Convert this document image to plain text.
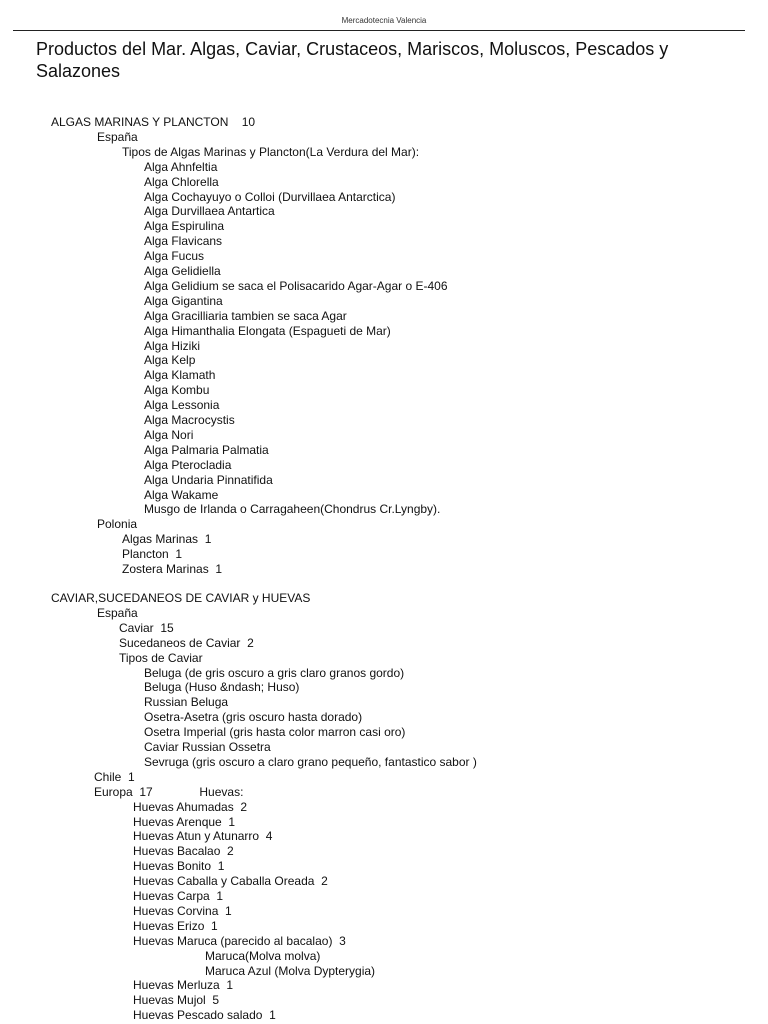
Mercadotecnia Valencia
Productos del Mar. Algas, Caviar, Crustaceos, Mariscos, Moluscos, Pescados y Salazones
ALGAS MARINAS Y PLANCTON    10
España
Tipos de Algas Marinas y Plancton(La Verdura del Mar):
Alga Ahnfeltia
Alga Chlorella
Alga Cochayuyo o Colloi (Durvillaea Antarctica)
Alga Durvillaea Antartica
Alga Espirulina
Alga Flavicans
Alga Fucus
Alga Gelidiella
Alga Gelidium se saca el Polisacarido Agar-Agar o E-406
Alga Gigantina
Alga Gracilliaria tambien se saca Agar
Alga Himanthalia Elongata (Espagueti de Mar)
Alga Hiziki
Alga Kelp
Alga Klamath
Alga Kombu
Alga Lessonia
Alga Macrocystis
Alga Nori
Alga Palmaria Palmatia
Alga Pterocladia
Alga Undaria Pinnatifida
Alga Wakame
Musgo de Irlanda o Carragaheen(Chondrus Cr.Lyngby).
Polonia
Algas Marinas  1
Plancton  1
Zostera Marinas  1
CAVIAR,SUCEDANEOS DE CAVIAR y HUEVAS
España
Caviar  15
Sucedaneos de Caviar  2
Tipos de Caviar
Beluga (de gris oscuro a gris claro granos gordo)
Beluga (Huso &ndash; Huso)
Russian Beluga
Osetra-Asetra (gris oscuro hasta dorado)
Osetra Imperial (gris hasta color marron casi oro)
Caviar Russian Ossetra
Sevruga (gris oscuro a claro grano pequeño, fantastico sabor )
Chile  1
Europa  17              Huevas:
Huevas Ahumadas  2
Huevas Arenque  1
Huevas Atun y Atunarro  4
Huevas Bacalao  2
Huevas Bonito  1
Huevas Caballa y Caballa Oreada  2
Huevas Carpa  1
Huevas Corvina  1
Huevas Erizo  1
Huevas Maruca (parecido al bacalao)  3
Maruca(Molva molva)
Maruca Azul (Molva Dypterygia)
Huevas Merluza  1
Huevas Mujol  5
Huevas Pescado salado  1
